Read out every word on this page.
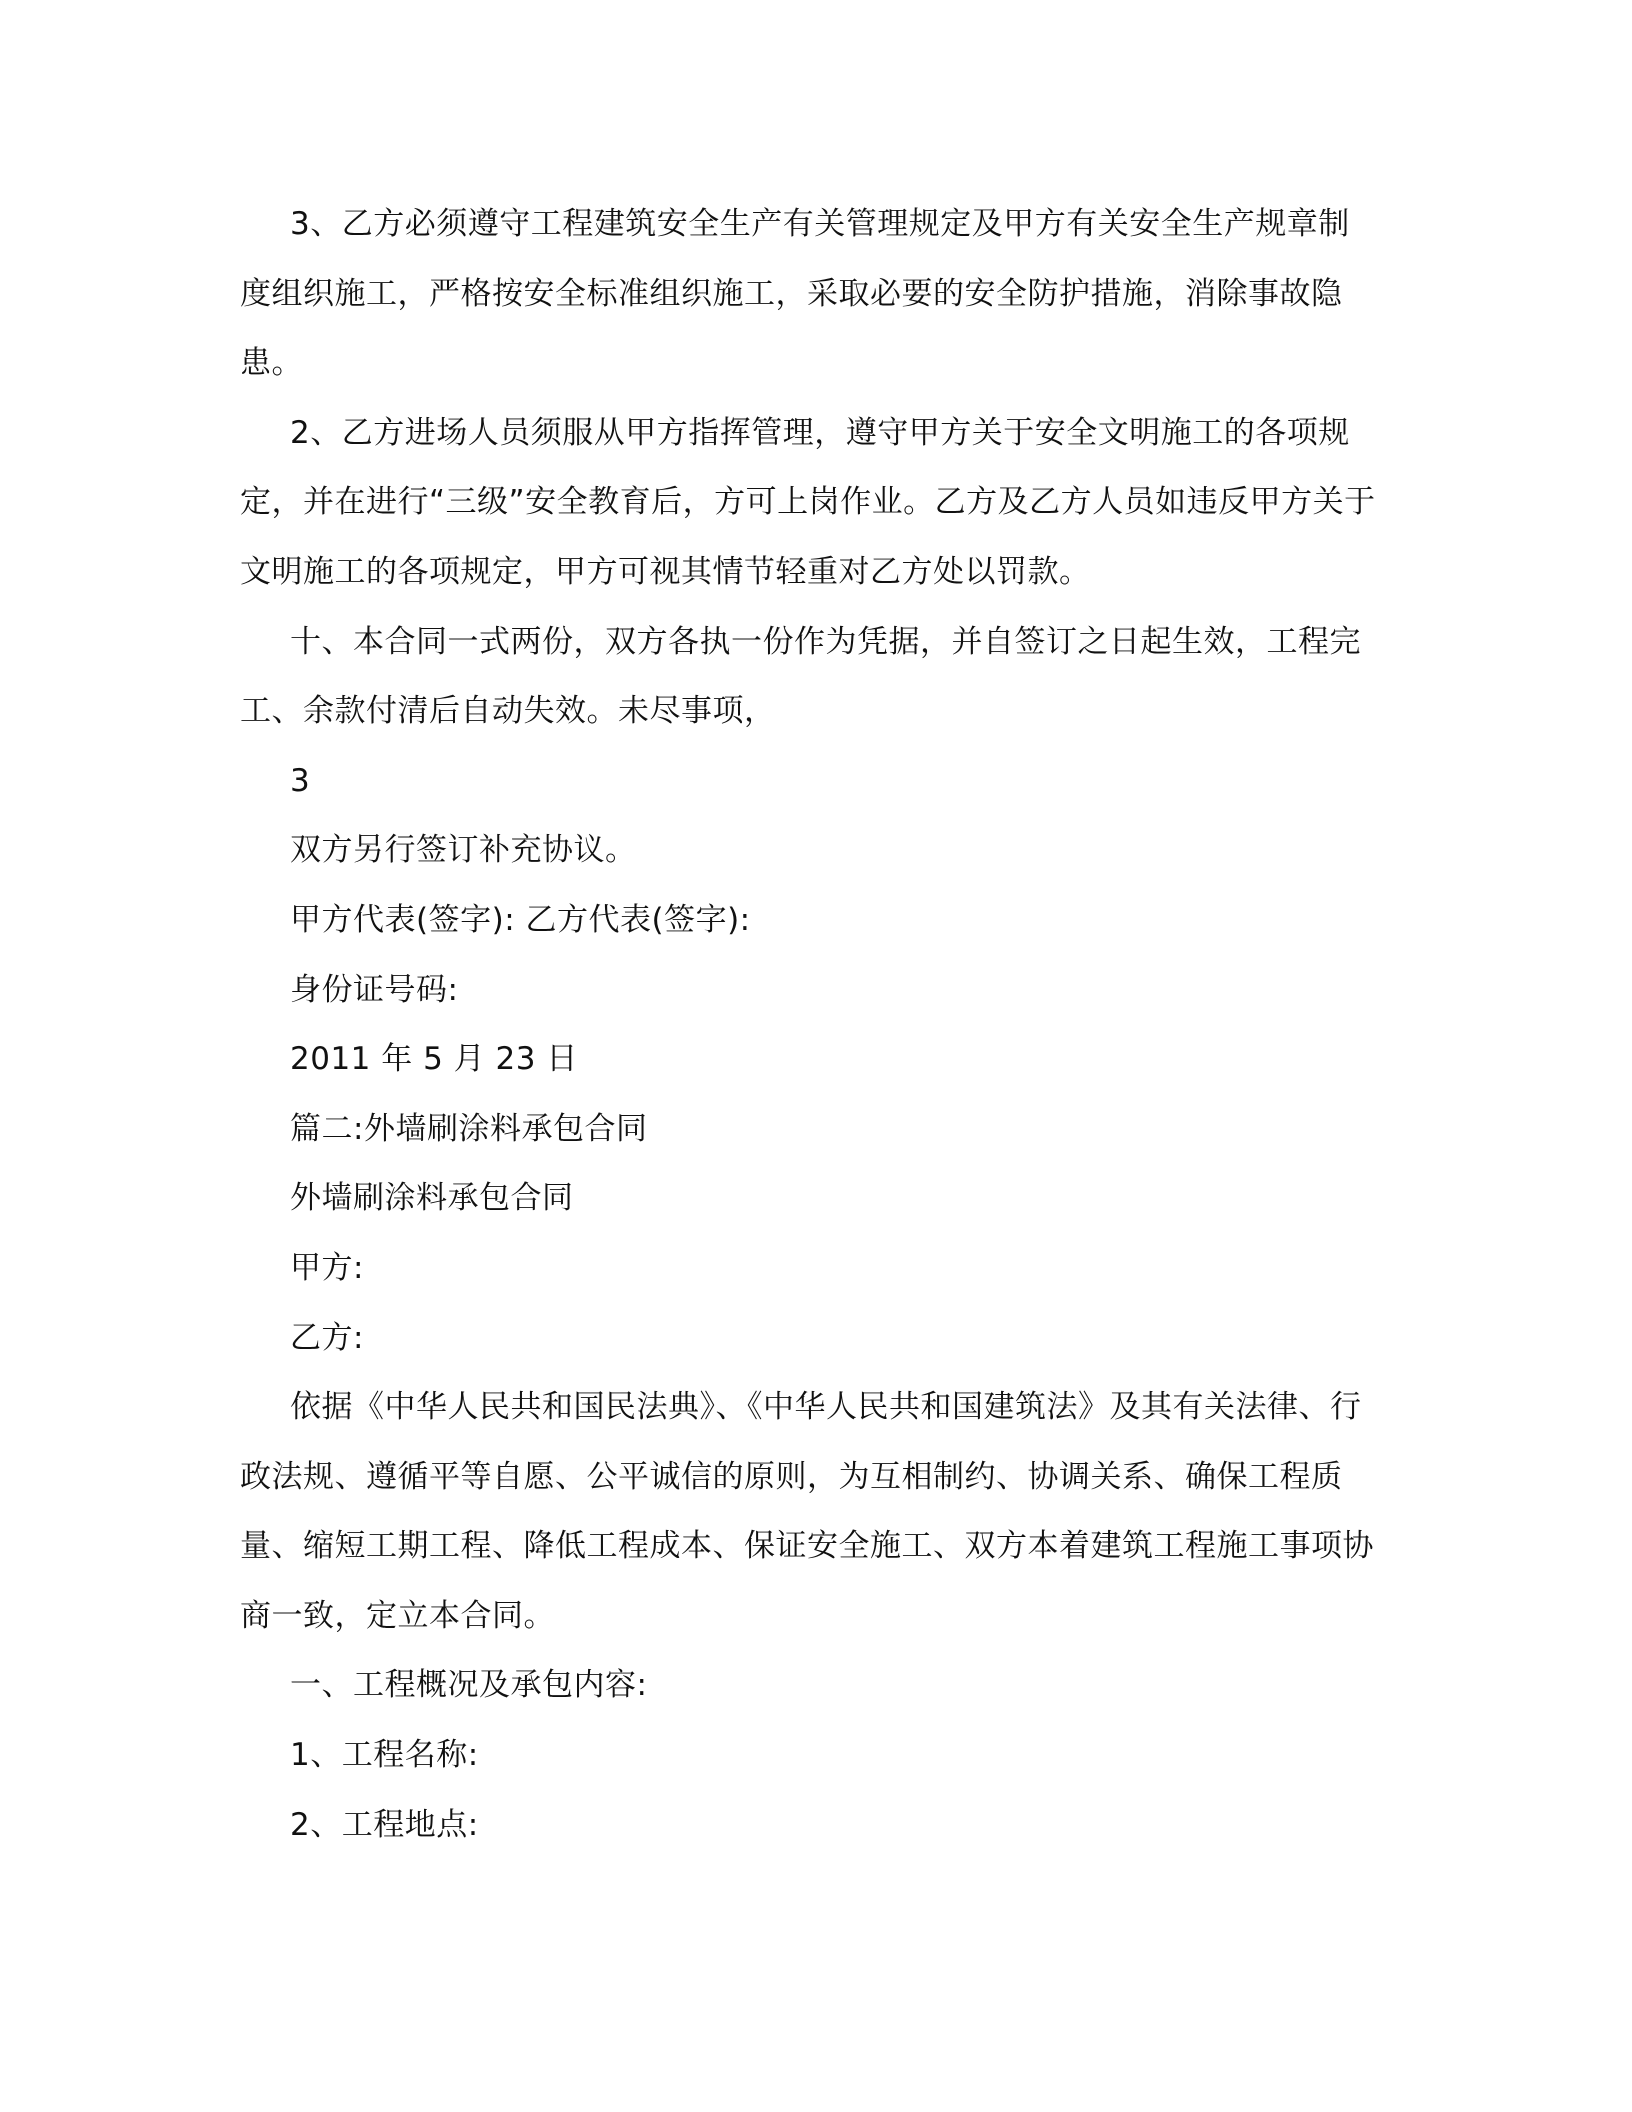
3、乙方必须遵守工程建筑安全生产有关管理规定及甲方有关安全生产规章制度组织施工，严格按安全标准组织施工，采取必要的安全防护措施，消除事故隐患。

2、乙方进场人员须服从甲方指挥管理，遵守甲方关于安全文明施工的各项规定，并在进行“三级”安全教育后，方可上岗作业。乙方及乙方人员如违反甲方关于文明施工的各项规定，甲方可视其情节轻重对乙方处以罚款。

十、本合同一式两份，双方各执一份作为凭据，并自签订之日起生效，工程完工、余款付清后自动失效。未尽事项，

3

双方另行签订补充协议。

甲方代表(签字): 乙方代表(签字):

身份证号码:

2011 年 5 月 23 日

篇二:外墙刷涂料承包合同

外墙刷涂料承包合同

甲方:

乙方:

依据《中华人民共和国民法典》、《中华人民共和国建筑法》及其有关法律、行政法规、遵循平等自愿、公平诚信的原则，为互相制约、协调关系、确保工程质量、缩短工期工程、降低工程成本、保证安全施工、双方本着建筑工程施工事项协商一致，定立本合同。

一、工程概况及承包内容:

1、工程名称:

2、工程地点:
